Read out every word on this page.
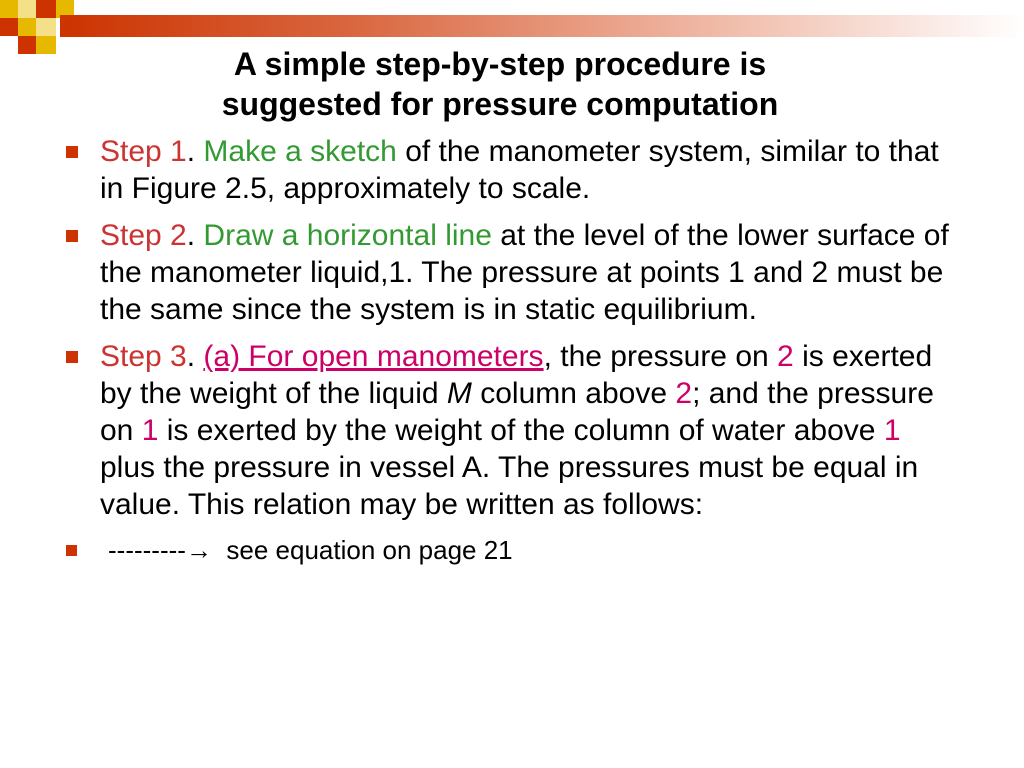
A simple step-by-step procedure is
suggested for pressure computation
Step 1. Make a sketch of the manometer system, similar to that in Figure 2.5, approximately to scale.
Step 2. Draw a horizontal line at the level of the lower surface of the manometer liquid,1. The pressure at points 1 and 2 must be the same since the system is in static equilibrium.
Step 3. (a) For open manometers, the pressure on 2 is exerted by the weight of the liquid M column above 2; and the pressure on 1 is exerted by the weight of the column of water above 1 plus the pressure in vessel A. The pressures must be equal in value. This relation may be written as follows:
---------→ see equation on page 21
